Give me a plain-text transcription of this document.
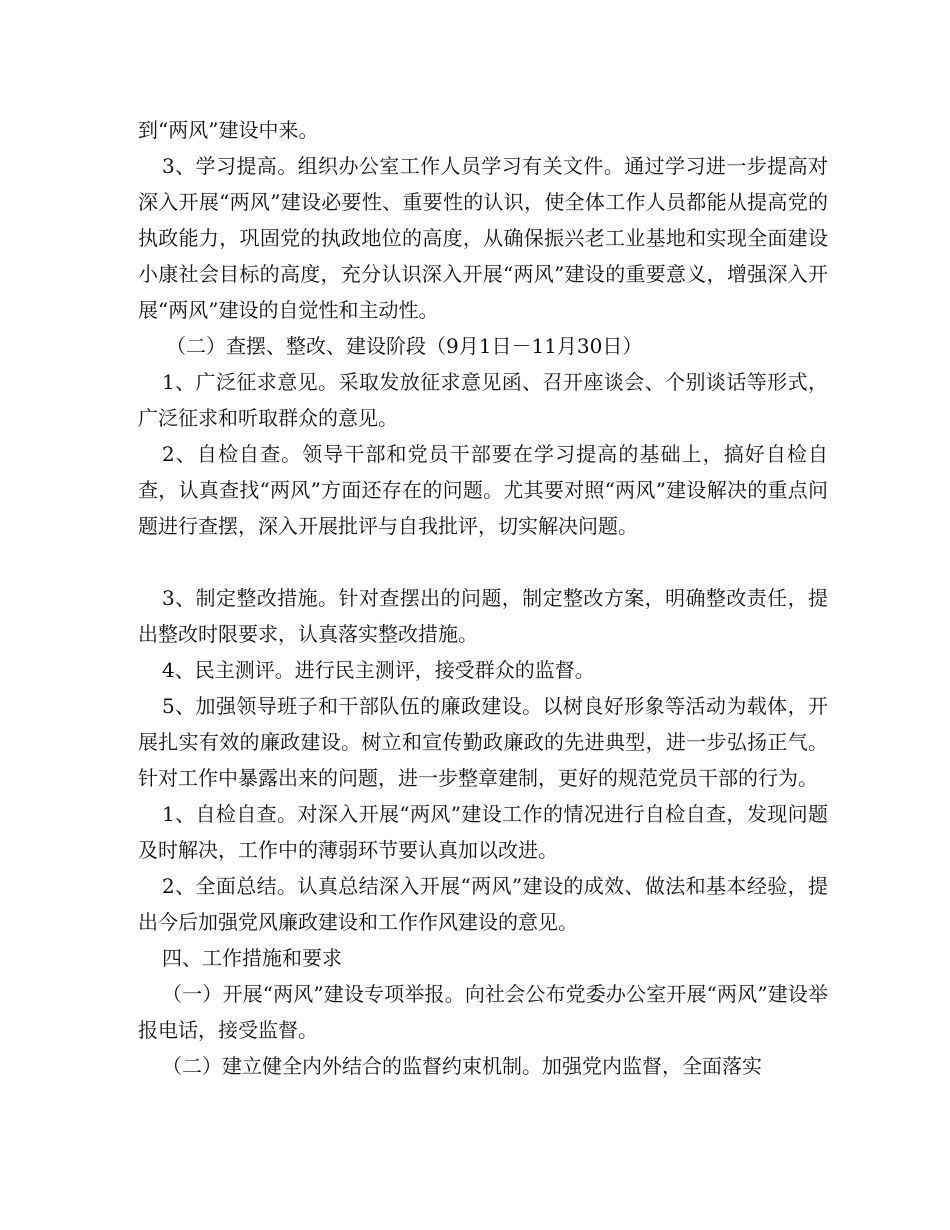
到“两风”建设中来。

3、学习提高。组织办公室工作人员学习有关文件。通过学习进一步提高对深入开展“两风”建设必要性、重要性的认识，使全体工作人员都能从提高党的执政能力，巩固党的执政地位的高度，从确保振兴老工业基地和实现全面建设小康社会目标的高度，充分认识深入开展“两风”建设的重要意义，增强深入开展“两风”建设的自觉性和主动性。

（二）查摆、整改、建设阶段（9月1日－11月30日）

1、广泛征求意见。采取发放征求意见函、召开座谈会、个别谈话等形式，广泛征求和听取群众的意见。

2、自检自查。领导干部和党员干部要在学习提高的基础上，搞好自检自查，认真查找“两风”方面还存在的问题。尤其要对照“两风”建设解决的重点问题进行查摆，深入开展批评与自我批评，切实解决问题。

3、制定整改措施。针对查摆出的问题，制定整改方案，明确整改责任，提出整改时限要求，认真落实整改措施。

4、民主测评。进行民主测评，接受群众的监督。

5、加强领导班子和干部队伍的廉政建设。以树良好形象等活动为载体，开展扎实有效的廉政建设。树立和宣传勤政廉政的先进典型，进一步弘扬正气。针对工作中暴露出来的问题，进一步整章建制，更好的规范党员干部的行为。

1、自检自查。对深入开展“两风”建设工作的情况进行自检自查，发现问题及时解决，工作中的薄弱环节要认真加以改进。

2、全面总结。认真总结深入开展“两风”建设的成效、做法和基本经验，提出今后加强党风廉政建设和工作作风建设的意见。

四、工作措施和要求

（一）开展“两风”建设专项举报。向社会公布党委办公室开展“两风”建设举报电话，接受监督。

（二）建立健全内外结合的监督约束机制。加强党内监督，全面落实
